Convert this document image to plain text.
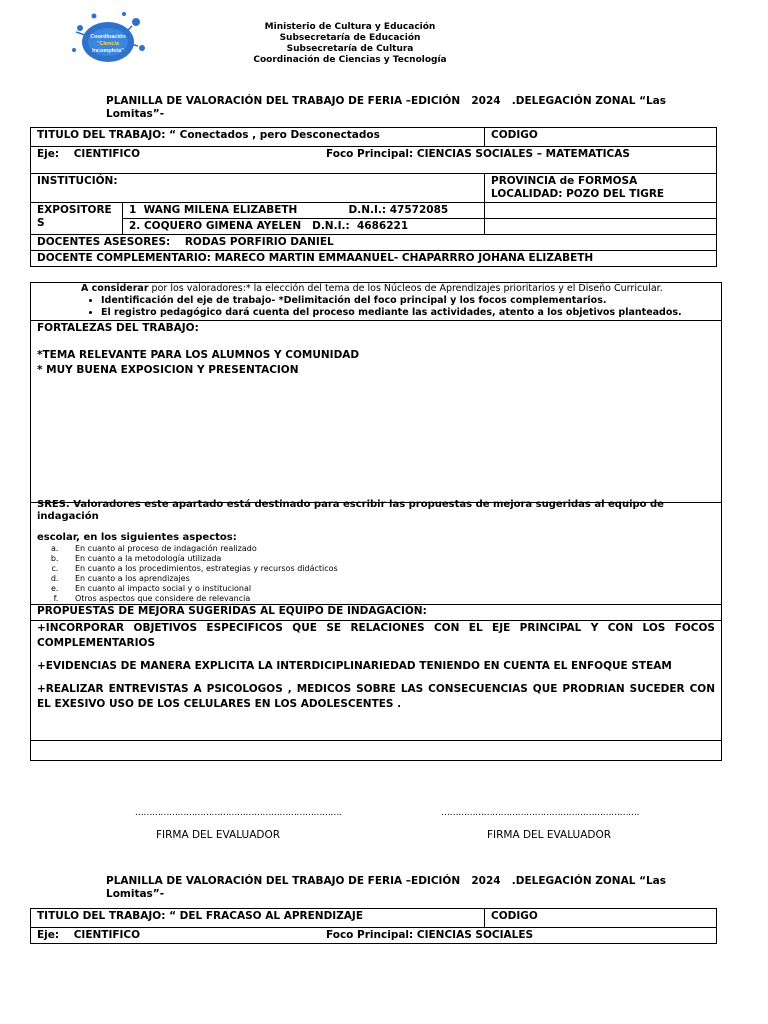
Coordinación
"Ciencia
Incompleta"
Ministerio de Cultura y Educación
Subsecretaría de Educación
Subsecretaría de Cultura
Coordinación de Ciencias y Tecnología
PLANILLA DE VALORACIÓN DEL TRABAJO DE FERIA –EDICIÓN 2024 .DELEGACIÓN ZONAL “Las
Lomitas”-
TITULO DEL TRABAJO: “ Conectados , pero Desconectados		CODIGO
Eje:    CIENTIFICO Foco Principal: CIENCIAS SOCIALES – MATEMATICAS		

INSTITUCIÓN:		PROVINCIA de FORMOSA
LOCALIDAD: POZO DEL TIGRE

EXPOSITORE
S	1  WANG MILENA ELIZABETH              D.N.I.: 47572085	
	2. COQUERO GIMENA AYELEN   D.N.I.:  4686221	
DOCENTES ASESORES:    RODAS PORFIRIO DANIEL		
DOCENTE COMPLEMENTARIO: MARECO MARTIN EMMAANUEL- CHAPARRRO JOHANA ELIZABETH		
A considerar por los valoradores:* la elección del tema de los Núcleos de Aprendizajes prioritarios y el Diseño Curricular.
• Identificación del eje de trabajo- *Delimitación del foco principal y los focos complementarios.
• El registro pedagógico dará cuenta del proceso mediante las actividades, atento a los objetivos planteados.
FORTALEZAS DEL TRABAJO:
*TEMA RELEVANTE PARA LOS ALUMNOS Y COMUNIDAD
* MUY BUENA EXPOSICION Y PRESENTACION
SRES. Valoradores este apartado está destinado para escribir las propuestas de mejora sugeridas al equipo de indagación
escolar, en los siguientes aspectos:
a. En cuanto al proceso de indagación realizado
b. En cuanto a la metodología utilizada
c. En cuanto a los procedimientos, estrategias y recursos didácticos
d. En cuanto a los aprendizajes
e. En cuanto al impacto social y o institucional
f. Otros aspectos que considere de relevancia
PROPUESTAS DE MEJORA SUGERIDAS AL EQUIPO DE INDAGACIÓN:
+INCORPORAR OBJETIVOS ESPECIFICOS QUE SE RELACIONES CON EL EJE PRINCIPAL Y CON LOS FOCOS COMPLEMENTARIOS
+EVIDENCIAS DE MANERA EXPLICITA LA INTERDICIPLINARIEDAD TENIENDO EN CUENTA EL ENFOQUE STEAM
+REALIZAR ENTREVISTAS A PSICOLOGOS , MEDICOS SOBRE LAS CONSECUENCIAS QUE PRODRIAN SUCEDER CON EL EXESIVO USO DE LOS CELULARES EN LOS ADOLESCENTES .
……………………………………………………………….	…………………………………………………………….
FIRMA DEL EVALUADOR	FIRMA DEL EVALUADOR
PLANILLA DE VALORACIÓN DEL TRABAJO DE FERIA –EDICIÓN 2024 .DELEGACIÓN ZONAL “Las
Lomitas”-
TITULO DEL TRABAJO: “ DEL FRACASO AL APRENDIZAJE	CODIGO
Eje:    CIENTIFICO	Foco Principal: CIENCIAS SOCIALES
